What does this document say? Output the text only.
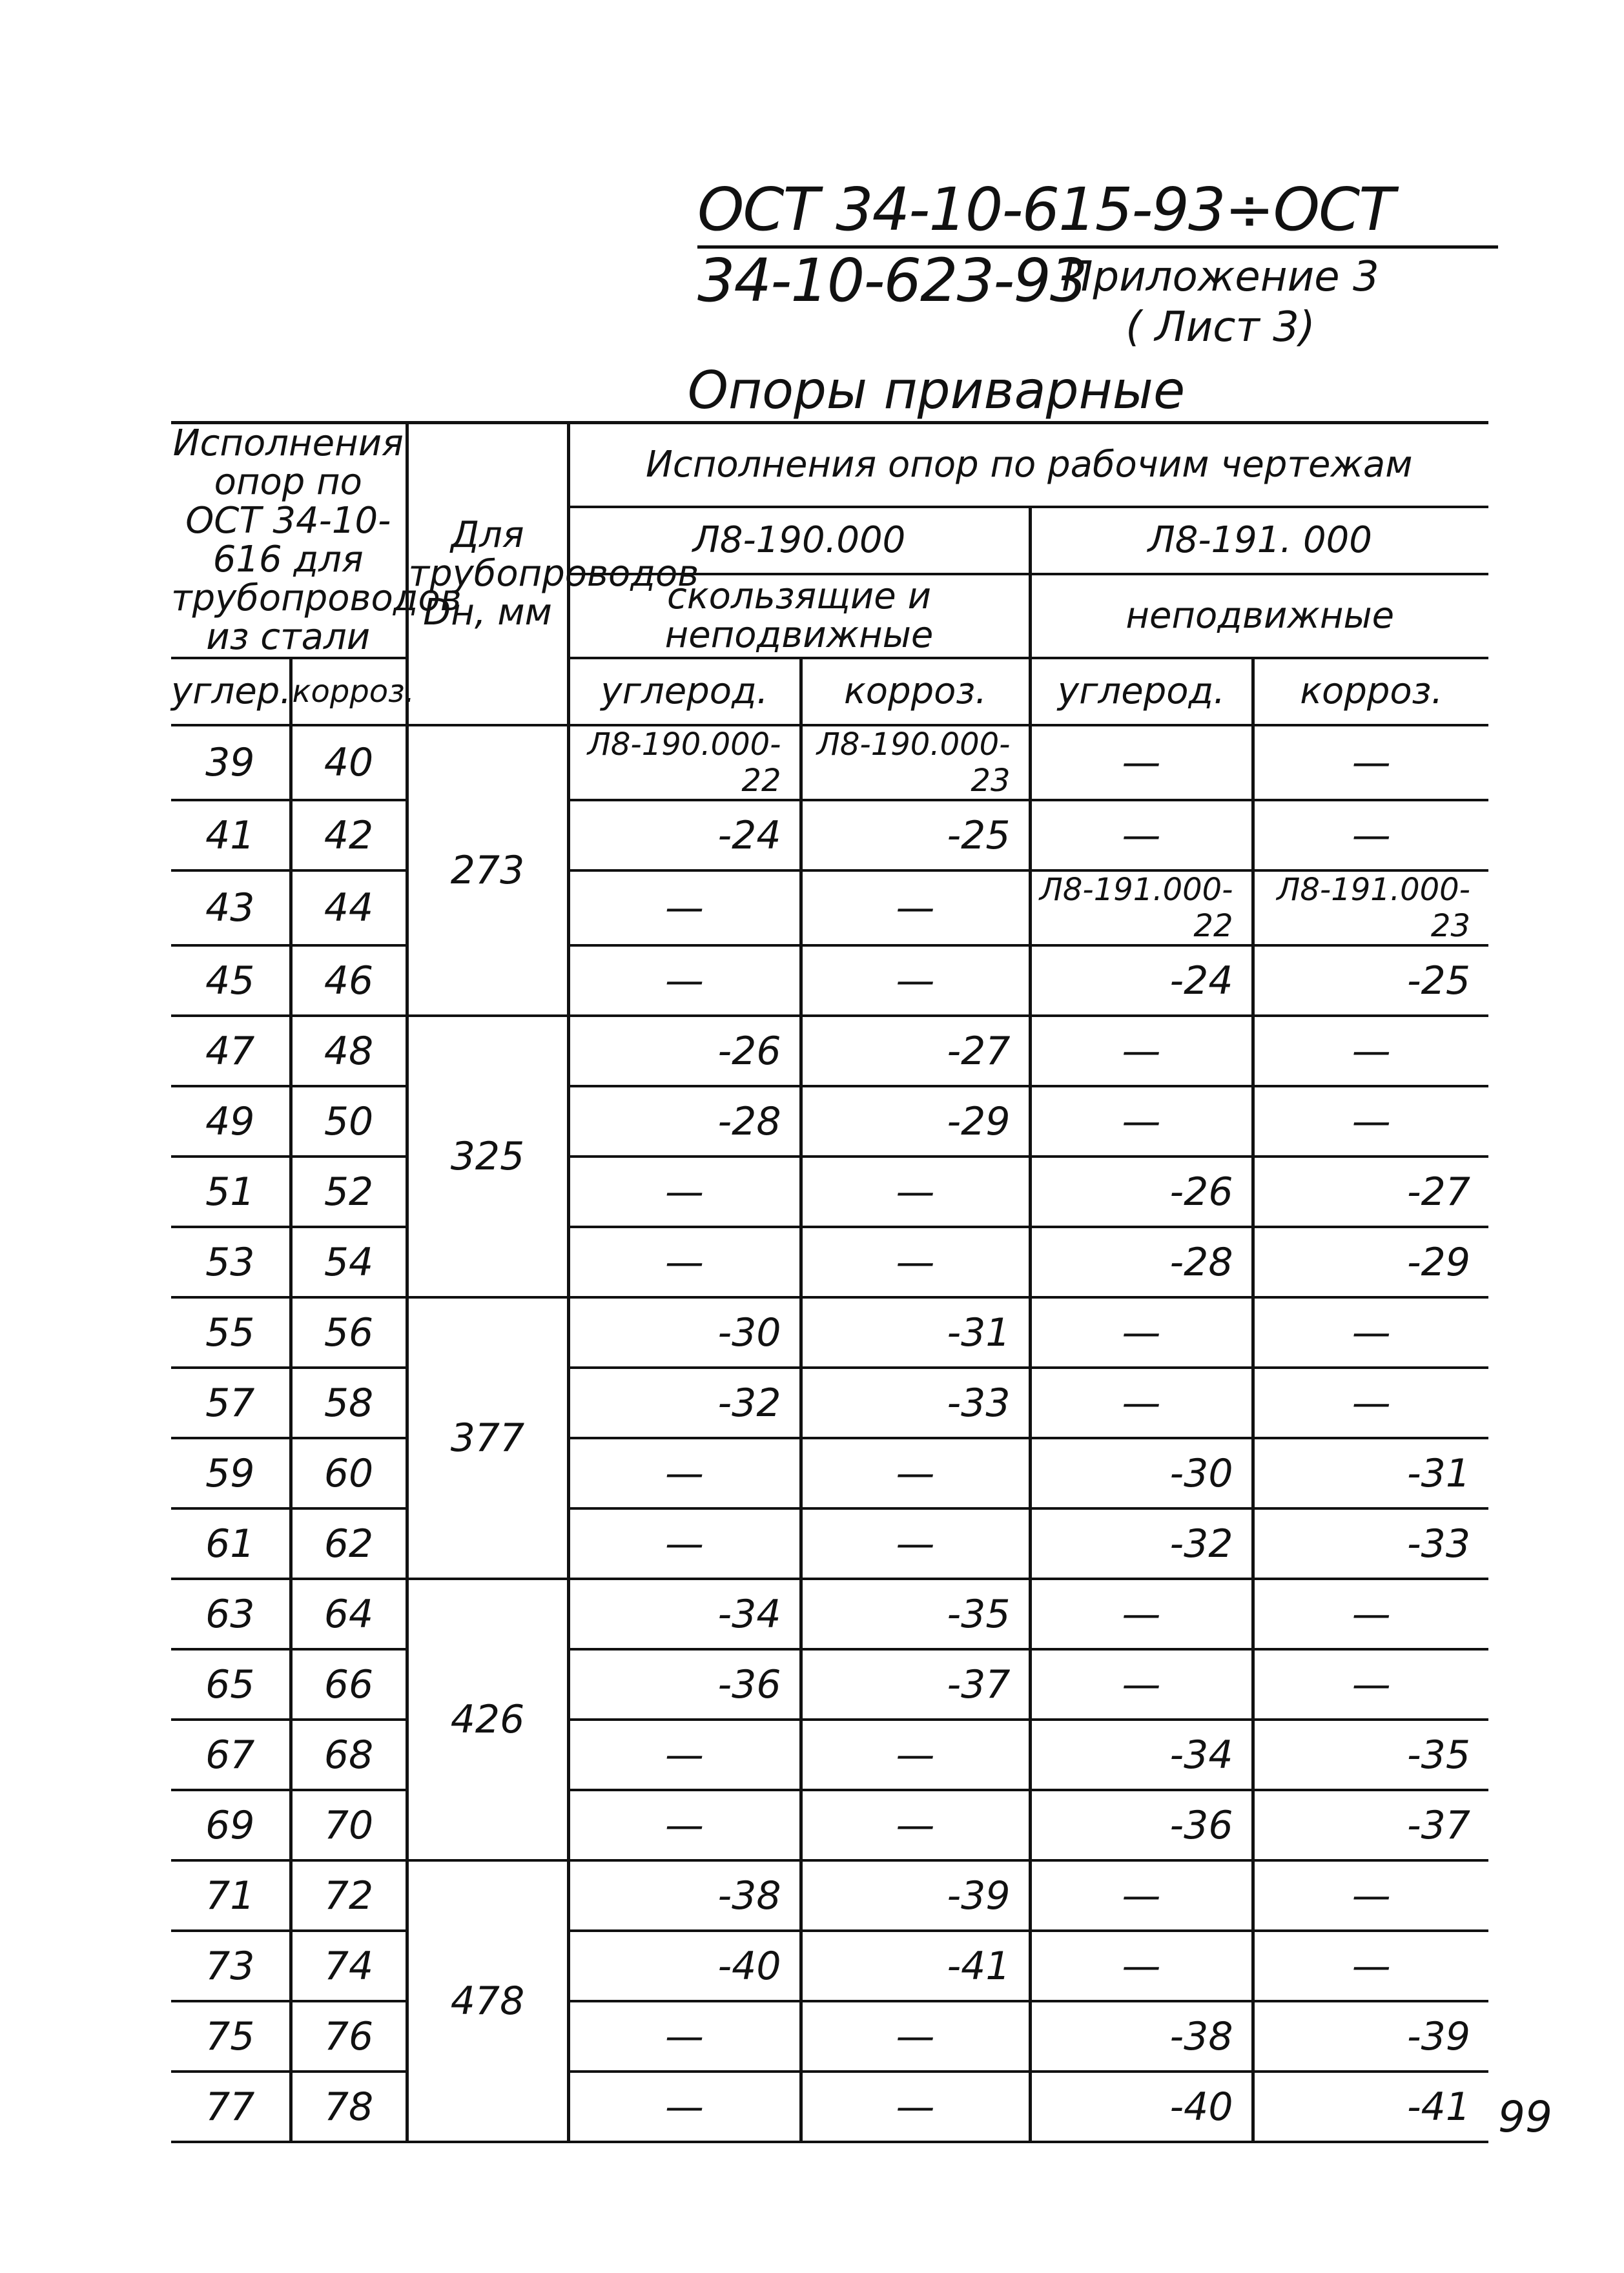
ОСТ 34-10-615-93÷ОСТ 34-10-623-93
Приложение 3
( Лист 3)
Опоры приварные
Исполнения опор по ОСТ 34-10-616 для трубопроводов из стали		Для трубопроводов Dн, мм	Исполнения опор по рабочим чертежам			
			Л8-190.000		Л8-191. 000	
			скользящие и неподвижные		неподвижные	
углер.	корроз.		углерод.	корроз.	углерод.	корроз.
39	40	273	Л8-190.000-22	Л8-190.000-23	—	—
41	42		-24	-25	—	—
43	44		—	—	Л8-191.000-22	Л8-191.000-23
45	46		—	—	-24	-25
47	48	325	-26	-27	—	—
49	50		-28	-29	—	—
51	52		—	—	-26	-27
53	54		—	—	-28	-29
55	56	377	-30	-31	—	—
57	58		-32	-33	—	—
59	60		—	—	-30	-31
61	62		—	—	-32	-33
63	64	426	-34	-35	—	—
65	66		-36	-37	—	—
67	68		—	—	-34	-35
69	70		—	—	-36	-37
71	72	478	-38	-39	—	—
73	74		-40	-41	—	—
75	76		—	—	-38	-39
77	78		—	—	-40	-41 99
